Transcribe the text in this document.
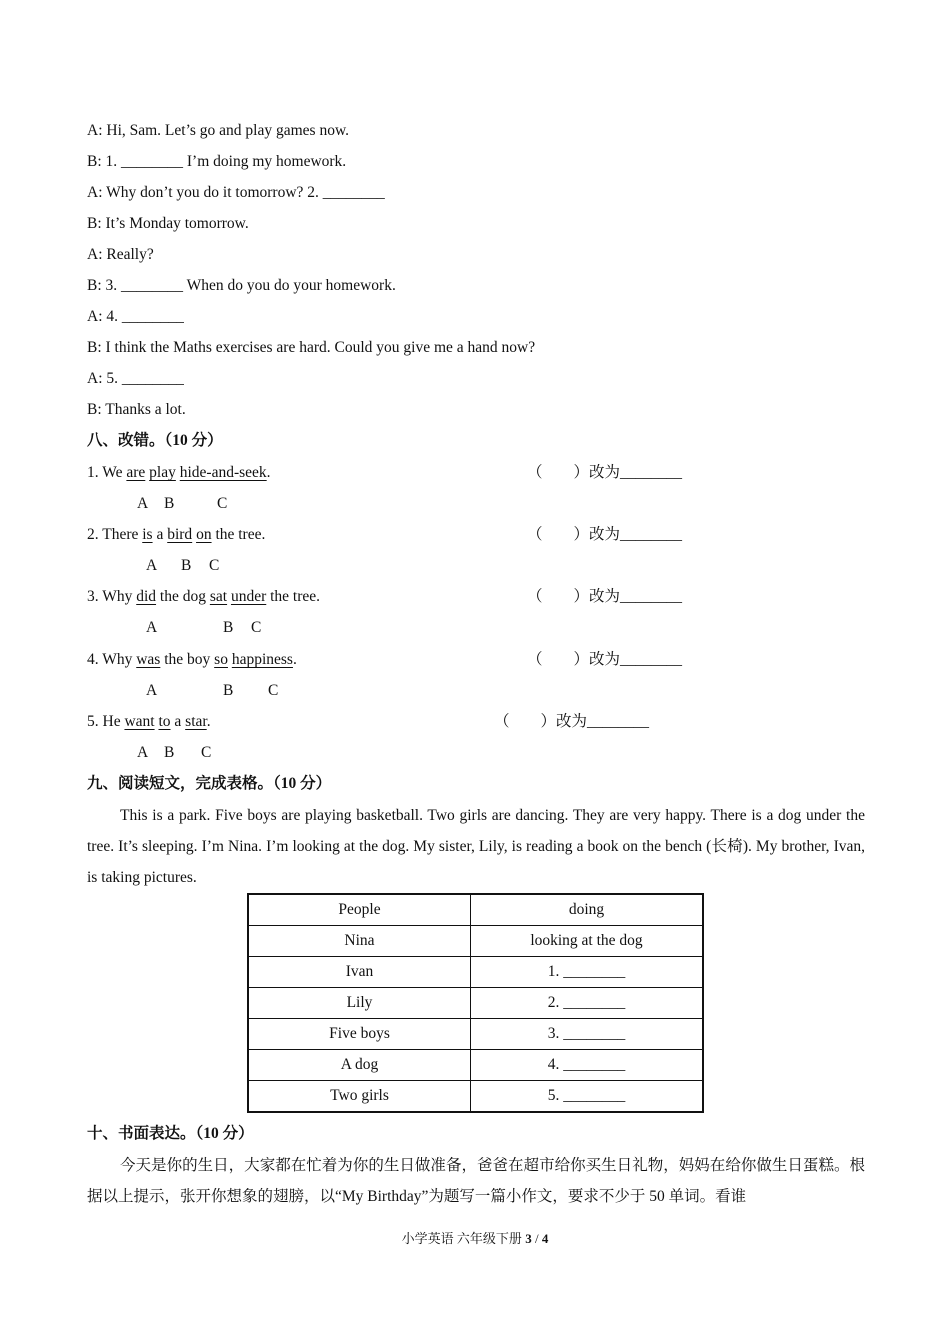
A: Hi, Sam. Let’s go and play games now.
B: 1. ________ I’m doing my homework.
A: Why don’t you do it tomorrow? 2. ________
B: It’s Monday tomorrow.
A: Really?
B: 3. ________ When do you do your homework.
A: 4. ________
B: I think the Maths exercises are hard. Could you give me a hand now?
A: 5. ________
B: Thanks a lot.
八、改错。（10 分）
1. We are play hide-and-seek.	（　　）改为________
A B	C
2. There is a bird on the tree.	（　　）改为________
A B C
3. Why did the dog sat under the tree.	（　　）改为________
A	B C
4. Why was the boy so happiness.	（　　）改为________
A	B C
5. He want to a star.	（　　）改为________
A B C
九、阅读短文，完成表格。（10 分）
This is a park. Five boys are playing basketball. Two girls are dancing. They are very happy. There is a dog under the tree. It’s sleeping. I’m Nina. I’m looking at the dog. My sister, Lily, is reading a book on the bench (长椅). My brother, Ivan, is taking pictures.
People	doing
Nina	looking at the dog
Ivan	1. ________
Lily	2. ________
Five boys	3. ________
A dog	4. ________
Two girls	5. ________
十、书面表达。（10 分）
今天是你的生日，大家都在忙着为你的生日做准备，爸爸在超市给你买生日礼物，妈妈在给你做生日蛋糕。根据以上提示，张开你想象的翅膀，以“My Birthday”为题写一篇小作文，要求不少于 50 单词。看谁
小学英语 六年级下册 3 / 4
